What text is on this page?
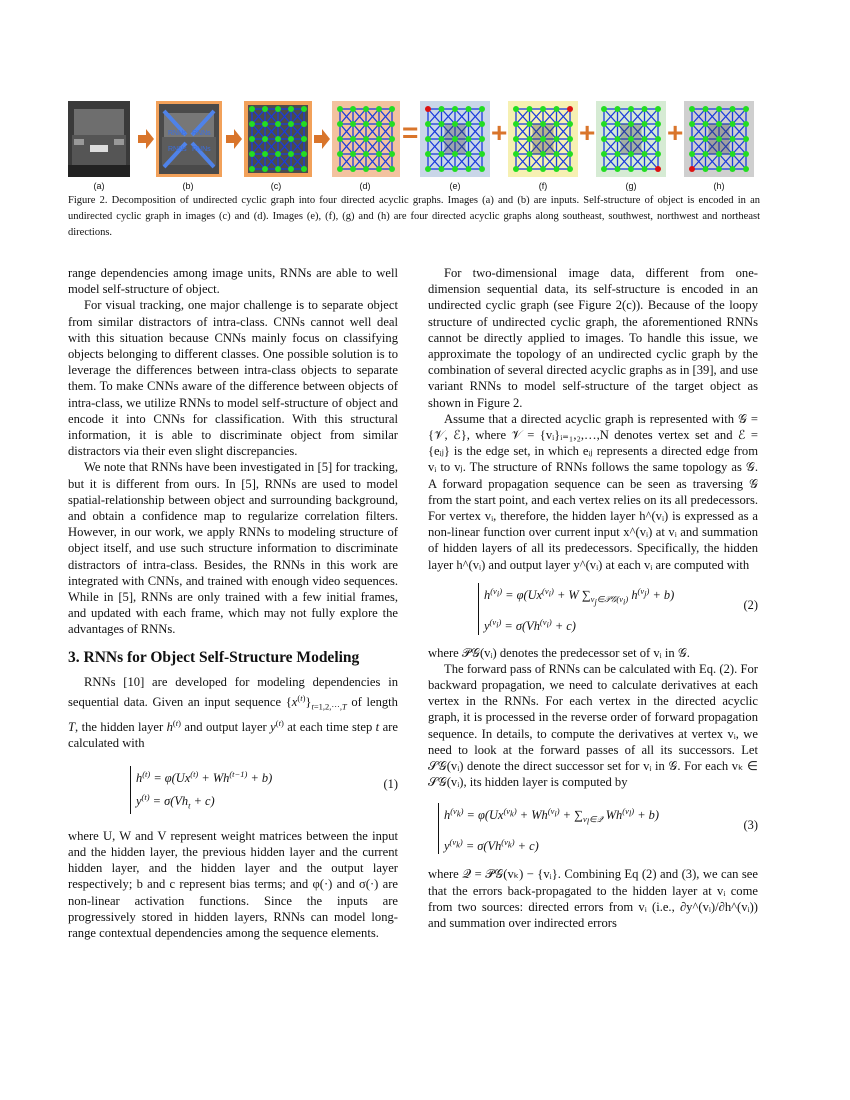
RNNs RNNs
RNNs RNNs
=	+	+	+
(a)	(b)	(c)	(d)	(e)	(f)	(g)	(h)
Figure 2. Decomposition of undirected cyclic graph into four directed acyclic graphs. Images (a) and (b) are inputs. Self-structure of object is encoded in an undirected cyclic graph in images (c) and (d). Images (e), (f), (g) and (h) are four directed acyclic graphs along southeast, southwest, northwest and northeast directions.

range dependencies among image units, RNNs are able to well model self-structure of object.

For visual tracking, one major challenge is to separate object from similar distractors of intra-class. CNNs cannot well deal with this situation because CNNs mainly focus on classifying objects belonging to different classes. One possible solution is to leverage the differences between intra-class objects to separate them. To make CNNs aware of the difference between objects of intra-class, we utilize RNNs to model self-structure of object and encode it into CNNs for classification. With this structural information, it is able to discriminate object from similar distractors via their even slight discrepancies.

We note that RNNs have been investigated in [5] for tracking, but it is different from ours. In [5], RNNs are used to model spatial-relationship between object and surrounding background, and obtain a confidence map to regularize correlation filters. However, in our work, we apply RNNs to modeling structure of object itself, and use such structure information to discriminate distractors of intra-class. Besides, the RNNs in this work are integrated with CNNs, and trained with enough video sequences. While in [5], RNNs are only trained with a few initial frames, and updated with each frame, which may not fully explore the advantages of RNNs.

3. RNNs for Object Self-Structure Modeling

RNNs [10] are developed for modeling dependencies in sequential data. Given an input sequence $\{x^{(t)}\}_{t=1,2,\cdot\cdot\cdot,T}$ of length T, the hidden layer $h^{(t)}$ and output layer $y^{(t)}$ at each time step t are calculated with

$h^{(t)} = \varphi(Ux^{(t)} + Wh^{(t-1)} + b)$
$y^{(t)} = \sigma(Vh_t + c)$
(1)

where U, W and V represent weight matrices between the input and the hidden layer, the previous hidden layer and the current hidden layer, and the hidden layer and the output layer respectively; b and c represent bias terms; and φ(·) and σ(·) are non-linear activation functions. Since the inputs are progressively stored in hidden layers, RNNs can model long-range contextual dependencies among the sequence elements.

For two-dimensional image data, different from one-dimension sequential data, its self-structure is encoded in an undirected cyclic graph (see Figure 2(c)). Because of the loopy structure of undirected cyclic graph, the aforementioned RNNs cannot be directly applied to images. To handle this issue, we approximate the topology of an undirected cyclic graph by the combination of several directed acyclic graphs as in [39], and use variant RNNs to model self-structure of the target object as shown in Figure 2.

Assume that a directed acyclic graph is represented with 𝒢 = {𝒱, ℰ}, where 𝒱 = {vᵢ}ᵢ₌₁,₂,…,N denotes vertex set and ℰ = {eᵢⱼ} is the edge set, in which eᵢⱼ represents a directed edge from vᵢ to vⱼ. The structure of RNNs follows the same topology as 𝒢. A forward propagation sequence can be seen as traversing 𝒢 from the start point, and each vertex relies on its all predecessors. For vertex vᵢ, therefore, the hidden layer h^(vᵢ) is expressed as a non-linear function over current input x^(vᵢ) at vᵢ and summation of hidden layers of all its predecessors. Specifically, the hidden layer h^(vᵢ) and output layer y^(vᵢ) at each vᵢ are computed with

$h^{(v_i)} = \varphi(Ux^{(v_i)} + W$ $\sum_{v_j\in 𝒫𝒢(v_i)}$ $h^{(v_j)} + b$)
$y^{(v_i)} = \sigma(Vh^{(v_i)} + c)$
(2)

where 𝒫𝒢(vᵢ) denotes the predecessor set of vᵢ in 𝒢.

The forward pass of RNNs can be calculated with Eq. (2). For backward propagation, we need to calculate derivatives at each vertex in the RNNs. For each vertex in the directed acyclic graph, it is processed in the reverse order of forward propagation sequence. In details, to compute the derivatives at vertex vᵢ, we need to look at the forward passes of all its successors. Let 𝒮𝒢(vᵢ) denote the direct successor set for vᵢ in 𝒢. For each vₖ ∈ 𝒮𝒢(vᵢ), its hidden layer is computed by

$h^{(v_k)} = \varphi(Ux^{(v_k)} + Wh^{(v_i)} + \sum_{v_l\in 𝒬}$ $Wh^{(v_l)} + b$)
$y^{(v_k)} = \sigma(Vh^{(v_k)} + c)$
(3)

where 𝒬 = 𝒫𝒢(vₖ) − {vᵢ}. Combining Eq (2) and (3), we can see that the errors back-propagated to the hidden layer at vᵢ come from two sources: directed errors from vᵢ (i.e., ∂y^(vᵢ)/∂h^(vᵢ)) and summation over indirected errors
